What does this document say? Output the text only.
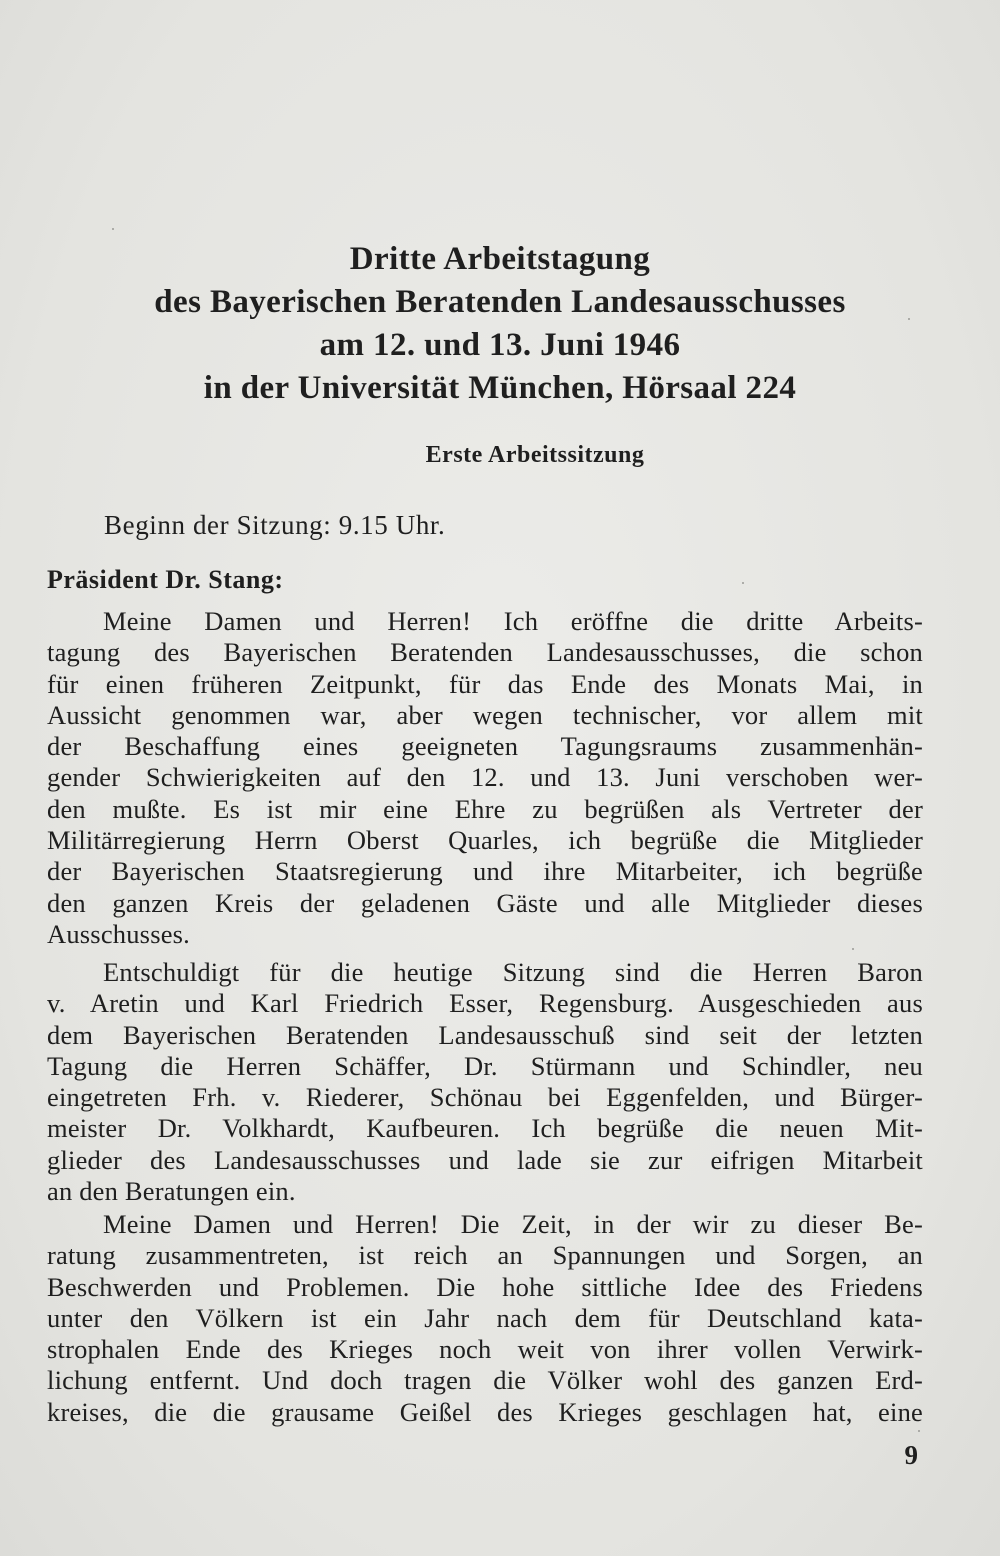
Dritte Arbeitstagung
des Bayerischen Beratenden Landesausschusses
am 12. und 13. Juni 1946
in der Universität München, Hörsaal 224
Erste Arbeitssitzung
Beginn der Sitzung: 9.15 Uhr.
Präsident Dr. Stang:
Meine Damen und Herren! Ich eröffne die dritte Arbeits-
tagung des Bayerischen Beratenden Landesausschusses, die schon
für einen früheren Zeitpunkt, für das Ende des Monats Mai, in
Aussicht genommen war, aber wegen technischer, vor allem mit
der Beschaffung eines geeigneten Tagungsraums zusammenhän-
gender Schwierigkeiten auf den 12. und 13. Juni verschoben wer-
den mußte. Es ist mir eine Ehre zu begrüßen als Vertreter der
Militärregierung Herrn Oberst Quarles, ich begrüße die Mitglieder
der Bayerischen Staatsregierung und ihre Mitarbeiter, ich begrüße
den ganzen Kreis der geladenen Gäste und alle Mitglieder dieses
Ausschusses.
Entschuldigt für die heutige Sitzung sind die Herren Baron
v. Aretin und Karl Friedrich Esser, Regensburg. Ausgeschieden aus
dem Bayerischen Beratenden Landesausschuß sind seit der letzten
Tagung die Herren Schäffer, Dr. Stürmann und Schindler, neu
eingetreten Frh. v. Riederer, Schönau bei Eggenfelden, und Bürger-
meister Dr. Volkhardt, Kaufbeuren. Ich begrüße die neuen Mit-
glieder des Landesausschusses und lade sie zur eifrigen Mitarbeit
an den Beratungen ein.
Meine Damen und Herren! Die Zeit, in der wir zu dieser Be-
ratung zusammentreten, ist reich an Spannungen und Sorgen, an
Beschwerden und Problemen. Die hohe sittliche Idee des Friedens
unter den Völkern ist ein Jahr nach dem für Deutschland kata-
strophalen Ende des Krieges noch weit von ihrer vollen Verwirk-
lichung entfernt. Und doch tragen die Völker wohl des ganzen Erd-
kreises, die die grausame Geißel des Krieges geschlagen hat, eine
9
